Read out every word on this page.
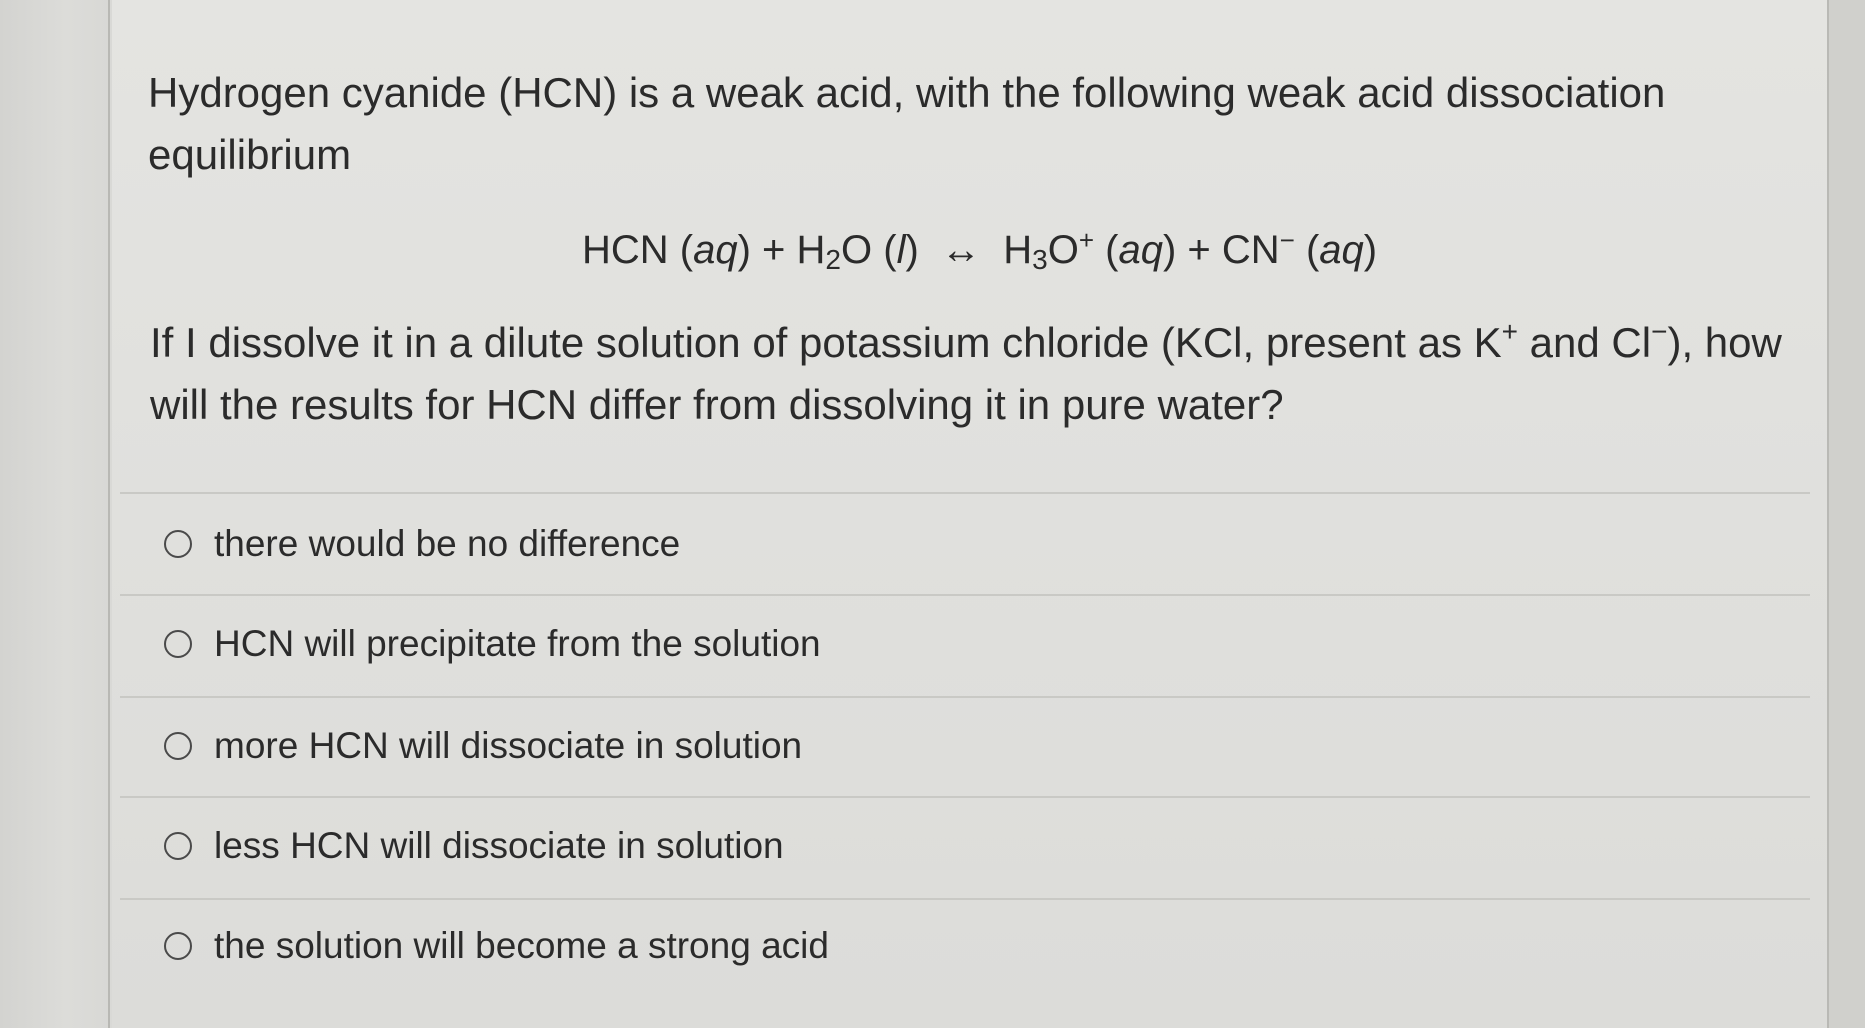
Hydrogen cyanide (HCN) is a weak acid, with the following weak acid dissociation equilibrium
HCN $(aq) + H_2O$ (l)  ↔ $H_3O^+$ (aq) + CN− (aq)
If I dissolve it in a dilute solution of potassium chloride (KCl, present as K+ and Cl−), how will the results for HCN differ from dissolving it in pure water?
there would be no difference
HCN will precipitate from the solution
more HCN will dissociate in solution
less HCN will dissociate in solution
the solution will become a strong acid
